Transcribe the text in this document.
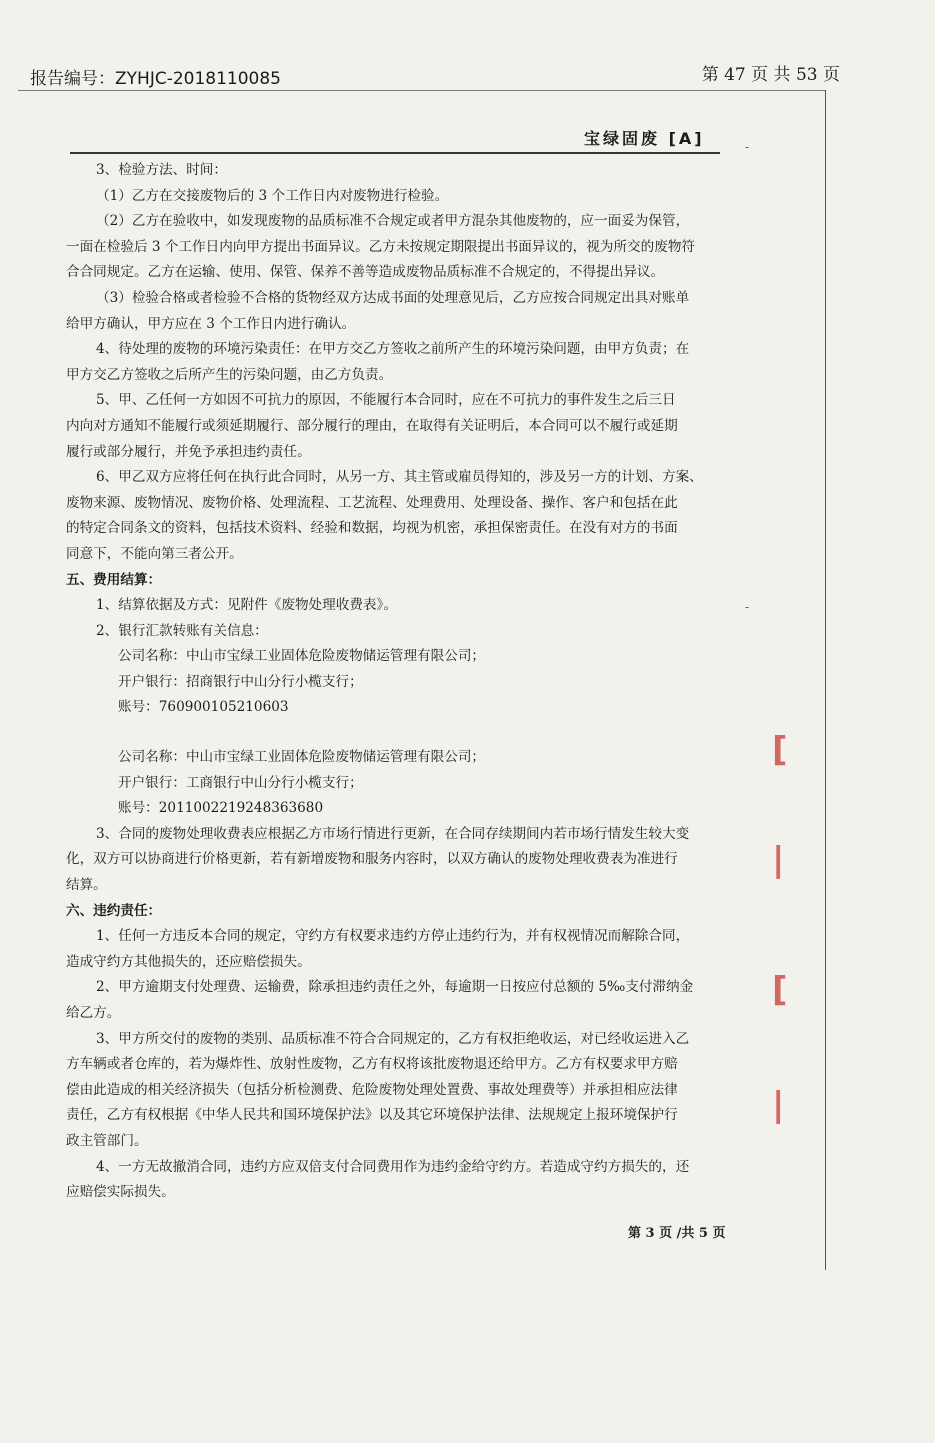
报告编号：ZYHJC-2018110085	第 47 页 共 53 页
-
-
宝绿固废 [A]

3、检验方法、时间：

（1）乙方在交接废物后的 3 个工作日内对废物进行检验。

（2）乙方在验收中，如发现废物的品质标准不合规定或者甲方混杂其他废物的，应一面妥为保管，

一面在检验后 3 个工作日内向甲方提出书面异议。乙方未按规定期限提出书面异议的，视为所交的废物符

合合同规定。乙方在运输、使用、保管、保养不善等造成废物品质标准不合规定的，不得提出异议。

（3）检验合格或者检验不合格的货物经双方达成书面的处理意见后，乙方应按合同规定出具对账单

给甲方确认，甲方应在 3 个工作日内进行确认。

4、待处理的废物的环境污染责任：在甲方交乙方签收之前所产生的环境污染问题，由甲方负责；在

甲方交乙方签收之后所产生的污染问题，由乙方负责。

5、甲、乙任何一方如因不可抗力的原因，不能履行本合同时，应在不可抗力的事件发生之后三日

内向对方通知不能履行或须延期履行、部分履行的理由，在取得有关证明后，本合同可以不履行或延期

履行或部分履行，并免予承担违约责任。

6、甲乙双方应将任何在执行此合同时，从另一方、其主管或雇员得知的，涉及另一方的计划、方案、

废物来源、废物情况、废物价格、处理流程、工艺流程、处理费用、处理设备、操作、客户和包括在此

的特定合同条文的资料，包括技术资料、经验和数据，均视为机密，承担保密责任。在没有对方的书面

同意下，不能向第三者公开。

五、费用结算：

1、结算依据及方式：见附件《废物处理收费表》。

2、银行汇款转账有关信息：

公司名称：中山市宝绿工业固体危险废物储运管理有限公司；

开户银行：招商银行中山分行小榄支行；

账号：760900105210603

公司名称：中山市宝绿工业固体危险废物储运管理有限公司；

开户银行：工商银行中山分行小榄支行；

账号：2011002219248363680

3、合同的废物处理收费表应根据乙方市场行情进行更新，在合同存续期间内若市场行情发生较大变

化，双方可以协商进行价格更新，若有新增废物和服务内容时，以双方确认的废物处理收费表为准进行

结算。

六、违约责任：

1、任何一方违反本合同的规定，守约方有权要求违约方停止违约行为，并有权视情况而解除合同，

造成守约方其他损失的，还应赔偿损失。

2、甲方逾期支付处理费、运输费，除承担违约责任之外，每逾期一日按应付总额的 5‰支付滞纳金

给乙方。

3、甲方所交付的废物的类别、品质标准不符合合同规定的，乙方有权拒绝收运，对已经收运进入乙

方车辆或者仓库的，若为爆炸性、放射性废物，乙方有权将该批废物退还给甲方。乙方有权要求甲方赔

偿由此造成的相关经济损失（包括分析检测费、危险废物处理处置费、事故处理费等）并承担相应法律

责任，乙方有权根据《中华人民共和国环境保护法》以及其它环境保护法律、法规规定上报环境保护行

政主管部门。

4、一方无故撤消合同，违约方应双倍支付合同费用作为违约金给守约方。若造成守约方损失的，还

应赔偿实际损失。

第 3 页 /共 5 页
[
|
[
|
